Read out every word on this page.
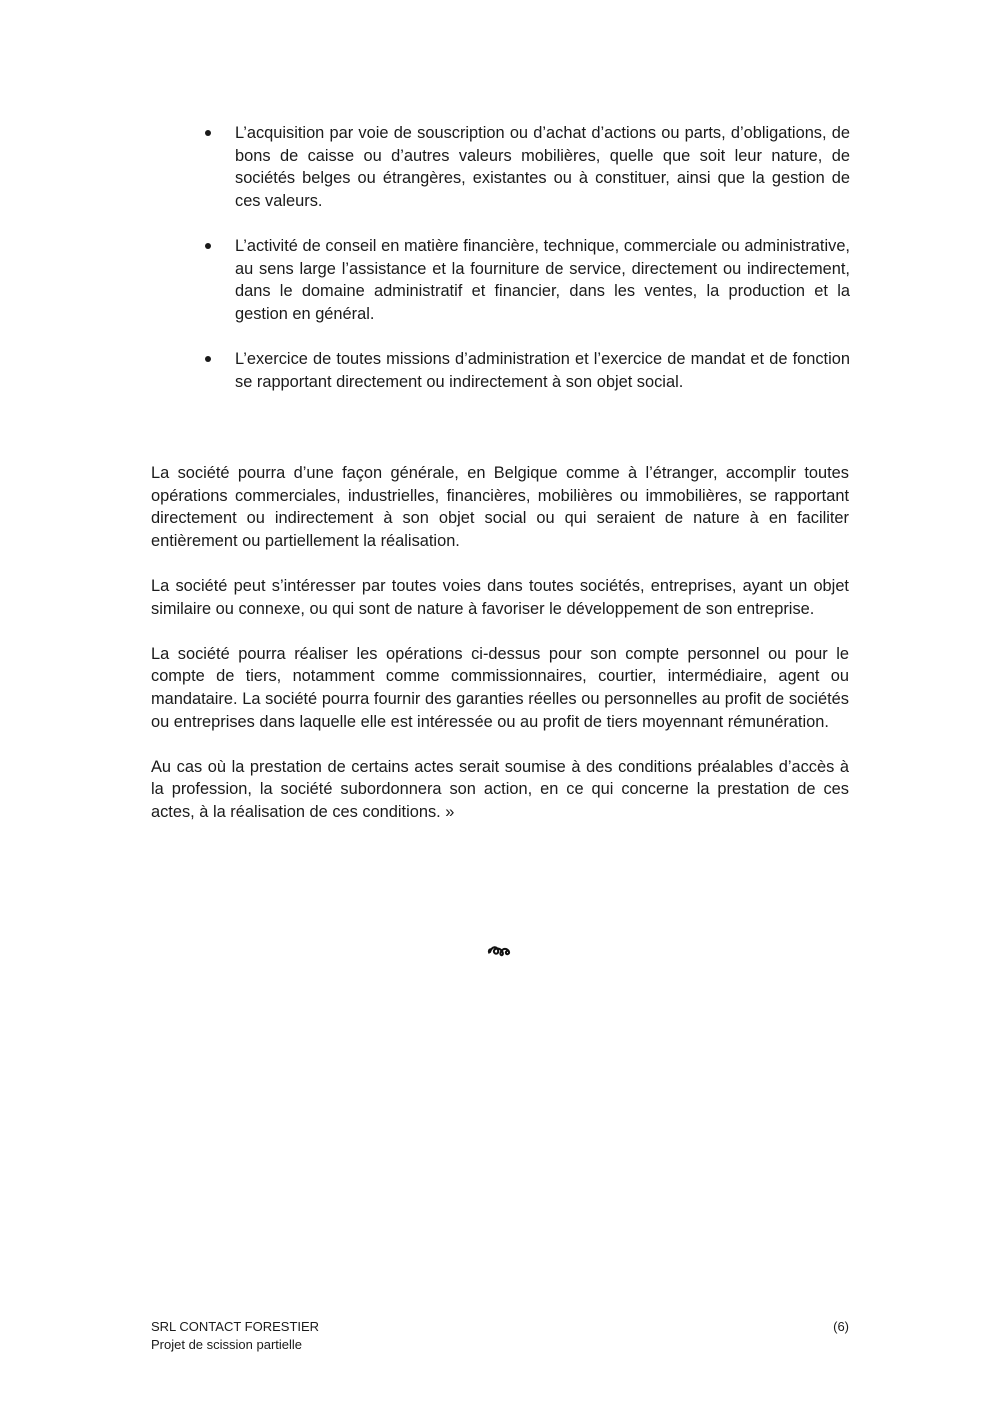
L’acquisition par voie de souscription ou d’achat d’actions ou parts, d’obligations, de bons de caisse ou d’autres valeurs mobilières, quelle que soit leur nature, de sociétés belges ou étrangères, existantes ou à constituer, ainsi que la gestion de ces valeurs.
L’activité de conseil en matière financière, technique, commerciale ou administrative, au sens large l’assistance et la fourniture de service, directement ou indirectement, dans le domaine administratif et financier, dans les ventes, la production et la gestion en général.
L’exercice de toutes missions d’administration et l’exercice de mandat et de fonction se rapportant directement ou indirectement à son objet social.

La société pourra d’une façon générale, en Belgique comme à l’étranger, accomplir toutes opérations commerciales, industrielles, financières, mobilières ou immobilières, se rapportant directement ou indirectement à son objet social ou qui seraient de nature à en faciliter entièrement ou partiellement la réalisation.

La société peut s’intéresser par toutes voies dans toutes sociétés, entreprises, ayant un objet similaire ou connexe, ou qui sont de nature à favoriser le développement de son entreprise.

La société pourra réaliser les opérations ci-dessus pour son compte personnel ou pour le compte de tiers, notamment comme commissionnaires, courtier, intermédiaire, agent ou mandataire. La société pourra fournir des garanties réelles ou personnelles au profit de sociétés ou entreprises dans laquelle elle est intéressée ou au profit de tiers moyennant rémunération.

Au cas où la prestation de certains actes serait soumise à des conditions préalables d’accès à la profession, la société subordonnera son action, en ce qui concerne la prestation de ces actes, à la réalisation de ces conditions. »

SRL CONTACT FORESTIER
Projet de scission partielle
(6)
